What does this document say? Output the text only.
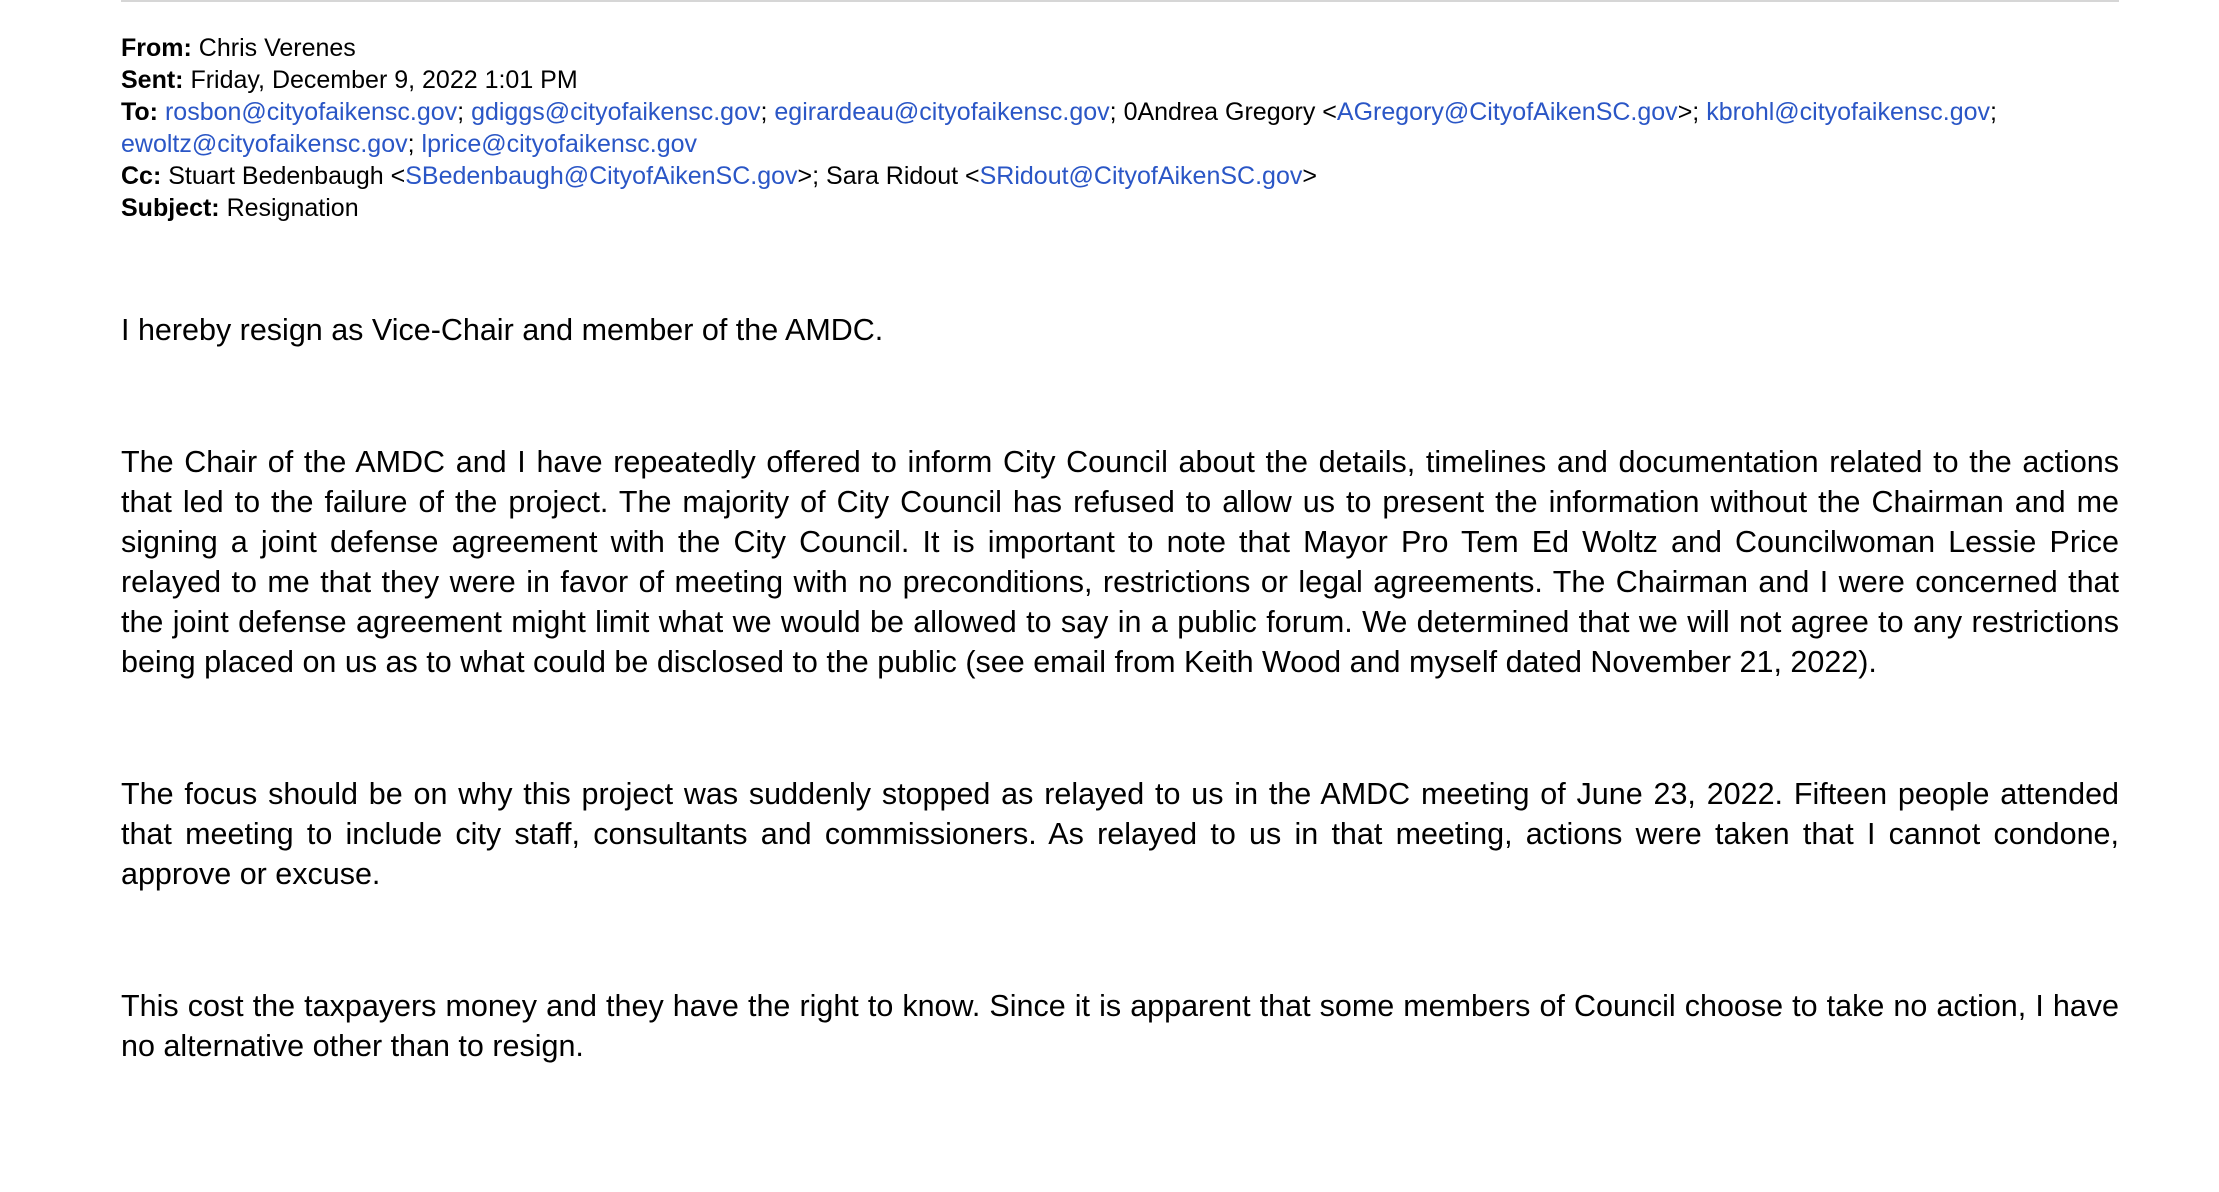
From: Chris Verenes
Sent: Friday, December 9, 2022 1:01 PM
To: rosbon@cityofaikensc.gov; gdiggs@cityofaikensc.gov; egirardeau@cityofaikensc.gov; 0Andrea Gregory <AGregory@CityofAikenSC.gov>; kbrohl@cityofaikensc.gov;
ewoltz@cityofaikensc.gov; lprice@cityofaikensc.gov
Cc: Stuart Bedenbaugh <SBedenbaugh@CityofAikenSC.gov>; Sara Ridout <SRidout@CityofAikenSC.gov>
Subject: Resignation

I hereby resign as Vice-Chair and member of the AMDC.

The Chair of the AMDC and I have repeatedly offered to inform City Council about the details, timelines and documentation related to the actions that led to the failure of the project. The majority of City Council has refused to allow us to present the information without the Chairman and me signing a joint defense agreement with the City Council. It is important to note that Mayor Pro Tem Ed Woltz and Councilwoman Lessie Price relayed to me that they were in favor of meeting with no preconditions, restrictions or legal agreements. The Chairman and I were concerned that the joint defense agreement might limit what we would be allowed to say in a public forum. We determined that we will not agree to any restrictions being placed on us as to what could be disclosed to the public (see email from Keith Wood and myself dated November 21, 2022).

The focus should be on why this project was suddenly stopped as relayed to us in the AMDC meeting of June 23, 2022. Fifteen people attended that meeting to include city staff, consultants and commissioners. As relayed to us in that meeting, actions were taken that I cannot condone, approve or excuse.

This cost the taxpayers money and they have the right to know. Since it is apparent that some members of Council choose to take no action, I have no alternative other than to resign.
